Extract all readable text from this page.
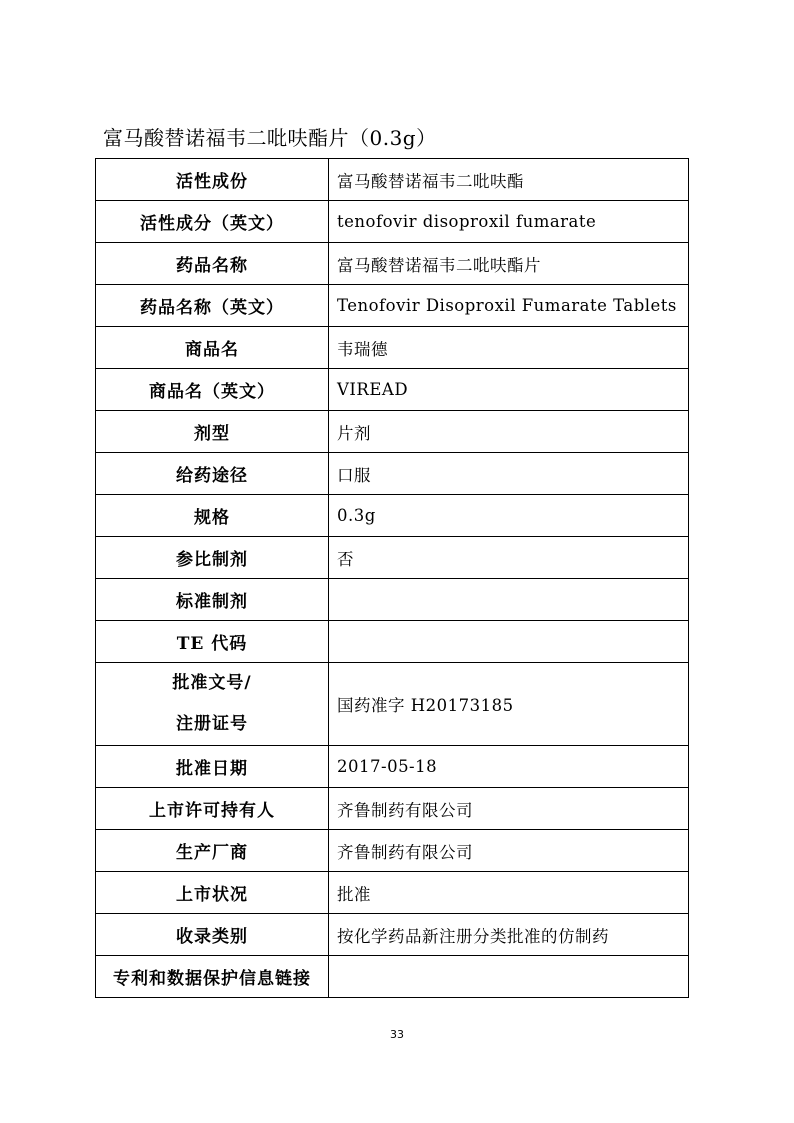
富马酸替诺福韦二吡呋酯片（0.3g）
活性成份	富马酸替诺福韦二吡呋酯
活性成分（英文）	tenofovir disoproxil fumarate
药品名称	富马酸替诺福韦二吡呋酯片
药品名称（英文）	Tenofovir Disoproxil Fumarate Tablets
商品名	韦瑞德
商品名（英文）	VIREAD
剂型	片剂
给药途径	口服
规格	0.3g
参比制剂	否
标准制剂	
TE 代码	

批准文号/
注册证号	国药准字 H20173185
批准日期	2017-05-18
上市许可持有人	齐鲁制药有限公司
生产厂商	齐鲁制药有限公司
上市状况	批准
收录类别	按化学药品新注册分类批准的仿制药
专利和数据保护信息链接	
33
